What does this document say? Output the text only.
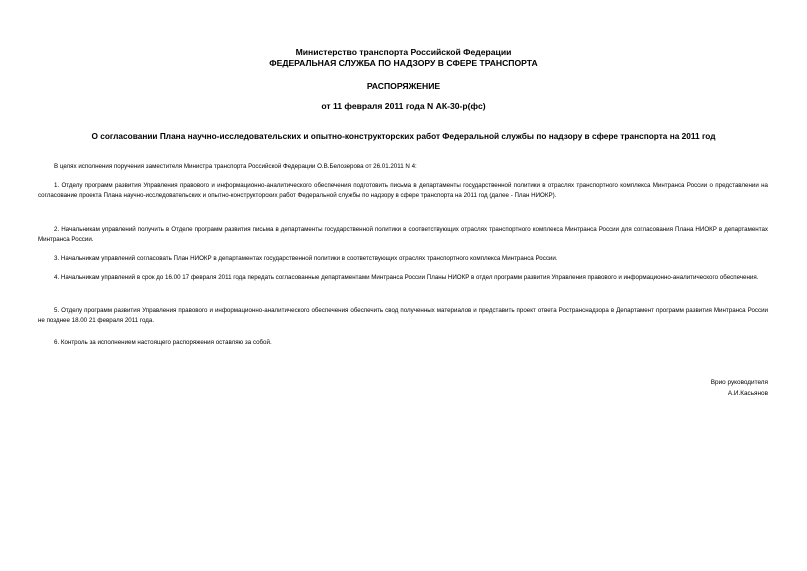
Министерство транспорта Российской Федерации
ФЕДЕРАЛЬНАЯ СЛУЖБА ПО НАДЗОРУ В СФЕРЕ ТРАНСПОРТА
РАСПОРЯЖЕНИЕ
от 11 февраля 2011 года N АК-30-р(фс)
О согласовании Плана научно-исследовательских и опытно-конструкторских работ Федеральной службы по надзору в сфере транспорта на 2011 год
В целях исполнения поручения заместителя Министра транспорта Российской Федерации О.В.Белозерова от 26.01.2011 N 4:
1. Отделу программ развития Управления правового и информационно-аналитического обеспечения подготовить письма в департаменты государственной политики в отраслях транспортного комплекса Минтранса России о представлении на согласование проекта Плана научно-исследовательских и опытно-конструкторских работ Федеральной службы по надзору в сфере транспорта на 2011 год (далее - План НИОКР).
2. Начальникам управлений получить в Отделе программ развития письма в департаменты государственной политики в соответствующих отраслях транспортного комплекса Минтранса России для согласования Плана НИОКР в департаментах Минтранса России.
3. Начальникам управлений согласовать План НИОКР в департаментах государственной политики в соответствующих отраслях транспортного комплекса Минтранса России.
4. Начальникам управлений в срок до 16.00 17 февраля 2011 года передать согласованные департаментами Минтранса России Планы НИОКР в отдел программ развития Управления правового и информационно-аналитического обеспечения.
5. Отделу программ развития Управления правового и информационно-аналитического обеспечения обеспечить свод полученных материалов и представить проект ответа Ространснадзора в Департамент программ развития Минтранса России не позднее 18.00 21 февраля 2011 года.
6. Контроль за исполнением настоящего распоряжения оставляю за собой.
Врио руководителя
А.И.Касьянов
